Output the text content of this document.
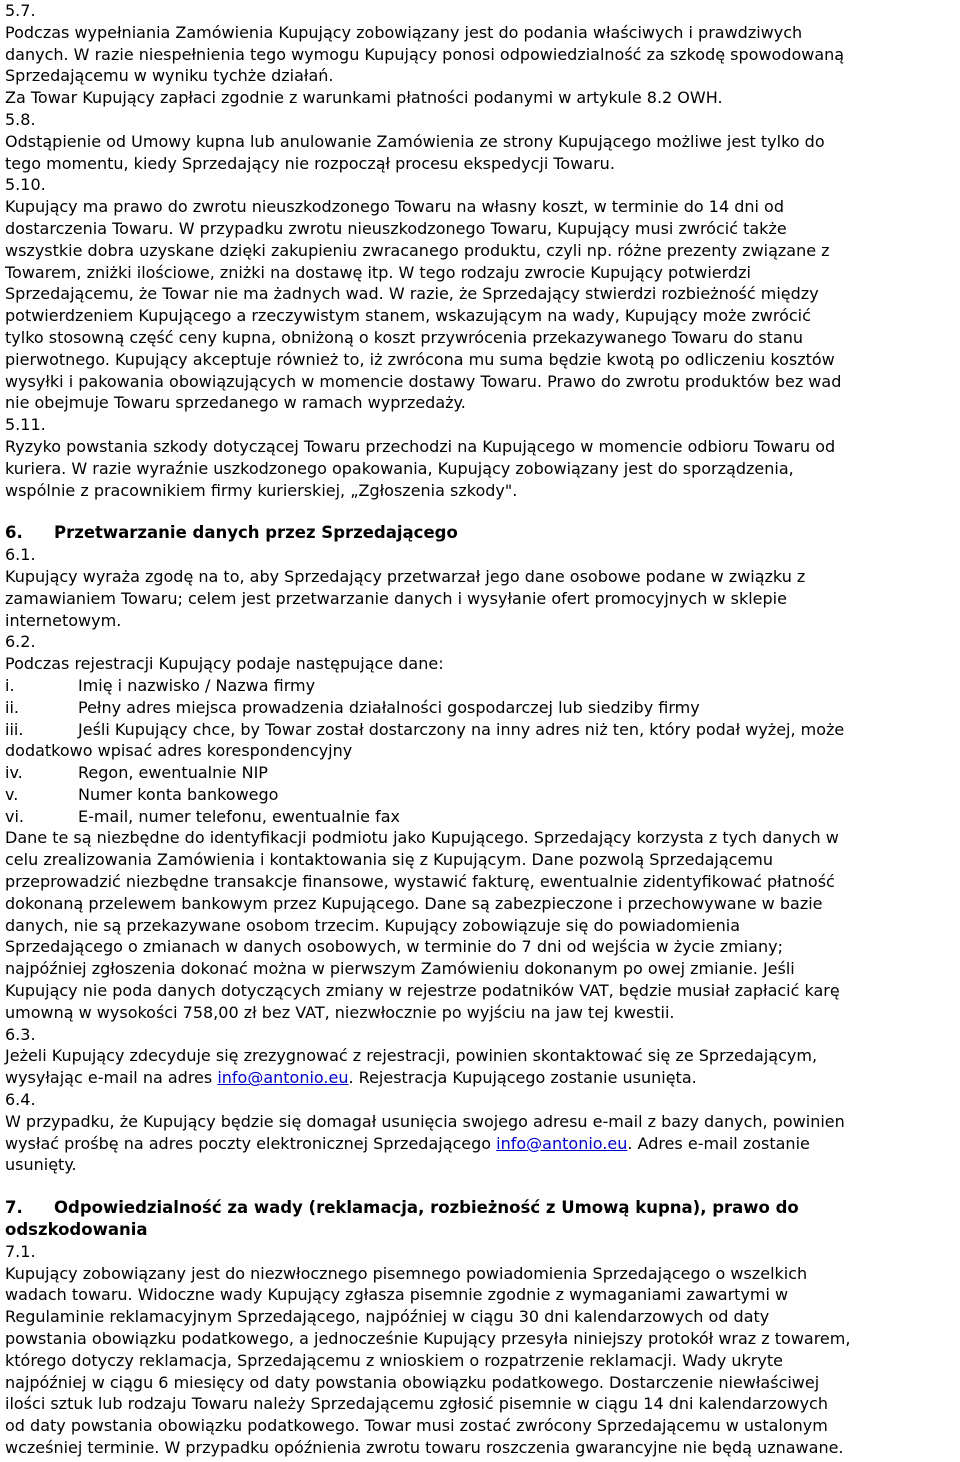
5.7.

Podczas wypełniania Zamówienia Kupujący zobowiązany jest do podania właściwych i prawdziwych

danych. W razie niespełnienia tego wymogu Kupujący ponosi odpowiedzialność za szkodę spowodowaną

Sprzedającemu w wyniku tychże działań.

Za Towar Kupujący zapłaci zgodnie z warunkami płatności podanymi w artykule 8.2 OWH.

5.8.

Odstąpienie od Umowy kupna lub anulowanie Zamówienia ze strony Kupującego możliwe jest tylko do

tego momentu, kiedy Sprzedający nie rozpoczął procesu ekspedycji Towaru.

5.10.

Kupujący ma prawo do zwrotu nieuszkodzonego Towaru na własny koszt, w terminie do 14 dni od

dostarczenia Towaru. W przypadku zwrotu nieuszkodzonego Towaru, Kupujący musi zwrócić także

wszystkie dobra uzyskane dzięki zakupieniu zwracanego produktu, czyli np. różne prezenty związane z

Towarem, zniżki ilościowe, zniżki na dostawę itp. W tego rodzaju zwrocie Kupujący potwierdzi

Sprzedającemu, że Towar nie ma żadnych wad. W razie, że Sprzedający stwierdzi rozbieżność między

potwierdzeniem Kupującego a rzeczywistym stanem, wskazującym na wady, Kupujący może zwrócić

tylko stosowną część ceny kupna, obniżoną o koszt przywrócenia przekazywanego Towaru do stanu

pierwotnego. Kupujący akceptuje również to, iż zwrócona mu suma będzie kwotą po odliczeniu kosztów

wysyłki i pakowania obowiązujących w momencie dostawy Towaru. Prawo do zwrotu produktów bez wad

nie obejmuje Towaru sprzedanego w ramach wyprzedaży.

5.11.

Ryzyko powstania szkody dotyczącej Towaru przechodzi na Kupującego w momencie odbioru Towaru od

kuriera. W razie wyraźnie uszkodzonego opakowania, Kupujący zobowiązany jest do sporządzenia,

wspólnie z pracownikiem firmy kurierskiej, „Zgłoszenia szkody".

6. Przetwarzanie danych przez Sprzedającego

6.1.

Kupujący wyraża zgodę na to, aby Sprzedający przetwarzał jego dane osobowe podane w związku z

zamawianiem Towaru; celem jest przetwarzanie danych i wysyłanie ofert promocyjnych w sklepie

internetowym.

6.2.

Podczas rejestracji Kupujący podaje następujące dane:

i.	Imię i nazwisko / Nazwa firmy

ii.	Pełny adres miejsca prowadzenia działalności gospodarczej lub siedziby firmy

iii.	Jeśli Kupujący chce, by Towar został dostarczony na inny adres niż ten, który podał wyżej, może

dodatkowo wpisać adres korespondencyjny

iv.	Regon, ewentualnie NIP

v.	Numer konta bankowego

vi.	E-mail, numer telefonu, ewentualnie fax

Dane te są niezbędne do identyfikacji podmiotu jako Kupującego. Sprzedający korzysta z tych danych w

celu zrealizowania Zamówienia i kontaktowania się z Kupującym. Dane pozwolą Sprzedającemu

przeprowadzić niezbędne transakcje finansowe, wystawić fakturę, ewentualnie zidentyfikować płatność

dokonaną przelewem bankowym przez Kupującego. Dane są zabezpieczone i przechowywane w bazie

danych, nie są przekazywane osobom trzecim. Kupujący zobowiązuje się do powiadomienia

Sprzedającego o zmianach w danych osobowych, w terminie do 7 dni od wejścia w życie zmiany;

najpóźniej zgłoszenia dokonać można w pierwszym Zamówieniu dokonanym po owej zmianie. Jeśli

Kupujący nie poda danych dotyczących zmiany w rejestrze podatników VAT, będzie musiał zapłacić karę

umowną w wysokości 758,00 zł bez VAT, niezwłocznie po wyjściu na jaw tej kwestii.

6.3.

Jeżeli Kupujący zdecyduje się zrezygnować z rejestracji, powinien skontaktować się ze Sprzedającym,

wysyłając e-mail na adres info@antonio.eu. Rejestracja Kupującego zostanie usunięta.

6.4.

W przypadku, że Kupujący będzie się domagał usunięcia swojego adresu e-mail z bazy danych, powinien

wysłać prośbę na adres poczty elektronicznej Sprzedającego info@antonio.eu. Adres e-mail zostanie

usunięty.

7. Odpowiedzialność za wady (reklamacja, rozbieżność z Umową kupna), prawo do
odszkodowania

7.1.

Kupujący zobowiązany jest do niezwłocznego pisemnego powiadomienia Sprzedającego o wszelkich

wadach towaru. Widoczne wady Kupujący zgłasza pisemnie zgodnie z wymaganiami zawartymi w

Regulaminie reklamacyjnym Sprzedającego, najpóźniej w ciągu 30 dni kalendarzowych od daty

powstania obowiązku podatkowego, a jednocześnie Kupujący przesyła niniejszy protokół wraz z towarem,

którego dotyczy reklamacja, Sprzedającemu z wnioskiem o rozpatrzenie reklamacji. Wady ukryte

najpóźniej w ciągu 6 miesięcy od daty powstania obowiązku podatkowego. Dostarczenie niewłaściwej

ilości sztuk lub rodzaju Towaru należy Sprzedającemu zgłosić pisemnie w ciągu 14 dni kalendarzowych

od daty powstania obowiązku podatkowego. Towar musi zostać zwrócony Sprzedającemu w ustalonym

wcześniej terminie. W przypadku opóźnienia zwrotu towaru roszczenia gwarancyjne nie będą uznawane.
